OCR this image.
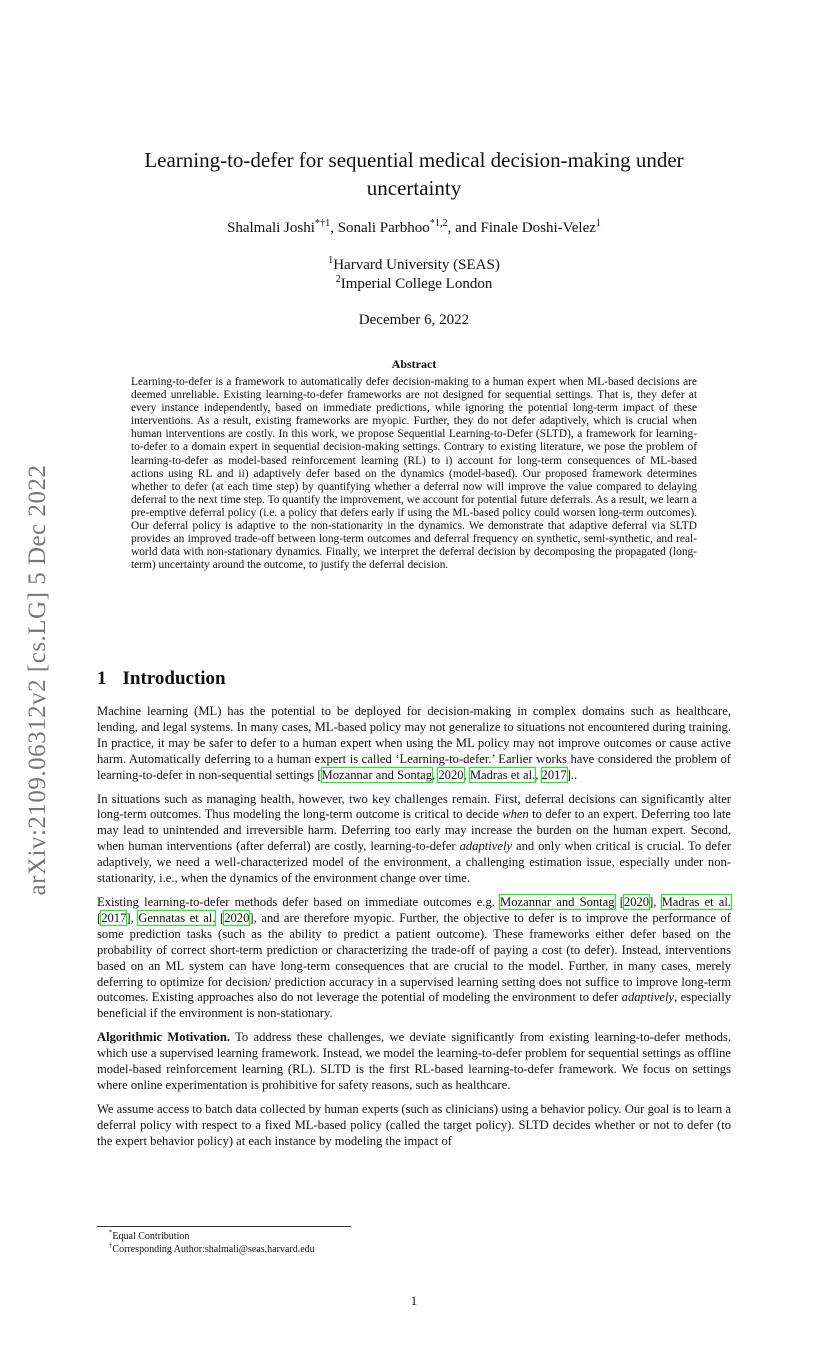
arXiv:2109.06312v2 [cs.LG] 5 Dec 2022
Learning-to-defer for sequential medical decision-making under uncertainty
Shalmali Joshi$^{*\dagger 1}$, Sonali Parbhoo$^{*1,2}$, and Finale Doshi-Velez$^1$
$^1$Harvard University (SEAS)
$^2$Imperial College London
December 6, 2022
Abstract

Learning-to-defer is a framework to automatically defer decision-making to a human expert when ML-based decisions are deemed unreliable. Existing learning-to-defer frameworks are not designed for sequential settings. That is, they defer at every instance independently, based on immediate predictions, while ignoring the potential long-term impact of these interventions. As a result, existing frameworks are myopic. Further, they do not defer adaptively, which is crucial when human interventions are costly. In this work, we propose Sequential Learning-to-Defer (SLTD), a framework for learning-to-defer to a domain expert in sequential decision-making settings. Contrary to existing literature, we pose the problem of learning-to-defer as model-based reinforcement learning (RL) to i) account for long-term consequences of ML-based actions using RL and ii) adaptively defer based on the dynamics (model-based). Our proposed framework determines whether to defer (at each time step) by quantifying whether a deferral now will improve the value compared to delaying deferral to the next time step. To quantify the improvement, we account for potential future deferrals. As a result, we learn a pre-emptive deferral policy (i.e. a policy that defers early if using the ML-based policy could worsen long-term outcomes). Our deferral policy is adaptive to the non-stationarity in the dynamics. We demonstrate that adaptive deferral via SLTD provides an improved trade-off between long-term outcomes and deferral frequency on synthetic, semi-synthetic, and real-world data with non-stationary dynamics. Finally, we interpret the deferral decision by decomposing the propagated (long-term) uncertainty around the outcome, to justify the deferral decision.

1 Introduction

Machine learning (ML) has the potential to be deployed for decision-making in complex domains such as healthcare, lending, and legal systems. In many cases, ML-based policy may not generalize to situations not encountered during training. In practice, it may be safer to defer to a human expert when using the ML policy may not improve outcomes or cause active harm. Automatically deferring to a human expert is called ‘Learning-to-defer.’ Earlier works have considered the problem of learning-to-defer in non-sequential settings [Mozannar and Sontag, 2020, Madras et al., 2017]..

In situations such as managing health, however, two key challenges remain. First, deferral decisions can significantly alter long-term outcomes. Thus modeling the long-term outcome is critical to decide when to defer to an expert. Deferring too late may lead to unintended and irreversible harm. Deferring too early may increase the burden on the human expert. Second, when human interventions (after deferral) are costly, learning-to-defer adaptively and only when critical is crucial. To defer adaptively, we need a well-characterized model of the environment, a challenging estimation issue, especially under non-stationarity, i.e., when the dynamics of the environment change over time.

Existing learning-to-defer methods defer based on immediate outcomes e.g. Mozannar and Sontag [2020], Madras et al. [2017], Gennatas et al. [2020], and are therefore myopic. Further, the objective to defer is to improve the performance of some prediction tasks (such as the ability to predict a patient outcome). These frameworks either defer based on the probability of correct short-term prediction or characterizing the trade-off of paying a cost (to defer). Instead, interventions based on an ML system can have long-term consequences that are crucial to the model. Further, in many cases, merely deferring to optimize for decision/ prediction accuracy in a supervised learning setting does not suffice to improve long-term outcomes. Existing approaches also do not leverage the potential of modeling the environment to defer adaptively, especially beneficial if the environment is non-stationary.

Algorithmic Motivation. To address these challenges, we deviate significantly from existing learning-to-defer methods, which use a supervised learning framework. Instead, we model the learning-to-defer problem for sequential settings as offline model-based reinforcement learning (RL). SLTD is the first RL-based learning-to-defer framework. We focus on settings where online experimentation is prohibitive for safety reasons, such as healthcare.

We assume access to batch data collected by human experts (such as clinicians) using a behavior policy. Our goal is to learn a deferral policy with respect to a fixed ML-based policy (called the target policy). SLTD decides whether or not to defer (to the expert behavior policy) at each instance by modeling the impact of

*Equal Contribution
†Corresponding Author:shalmali@seas.harvard.edu
1
